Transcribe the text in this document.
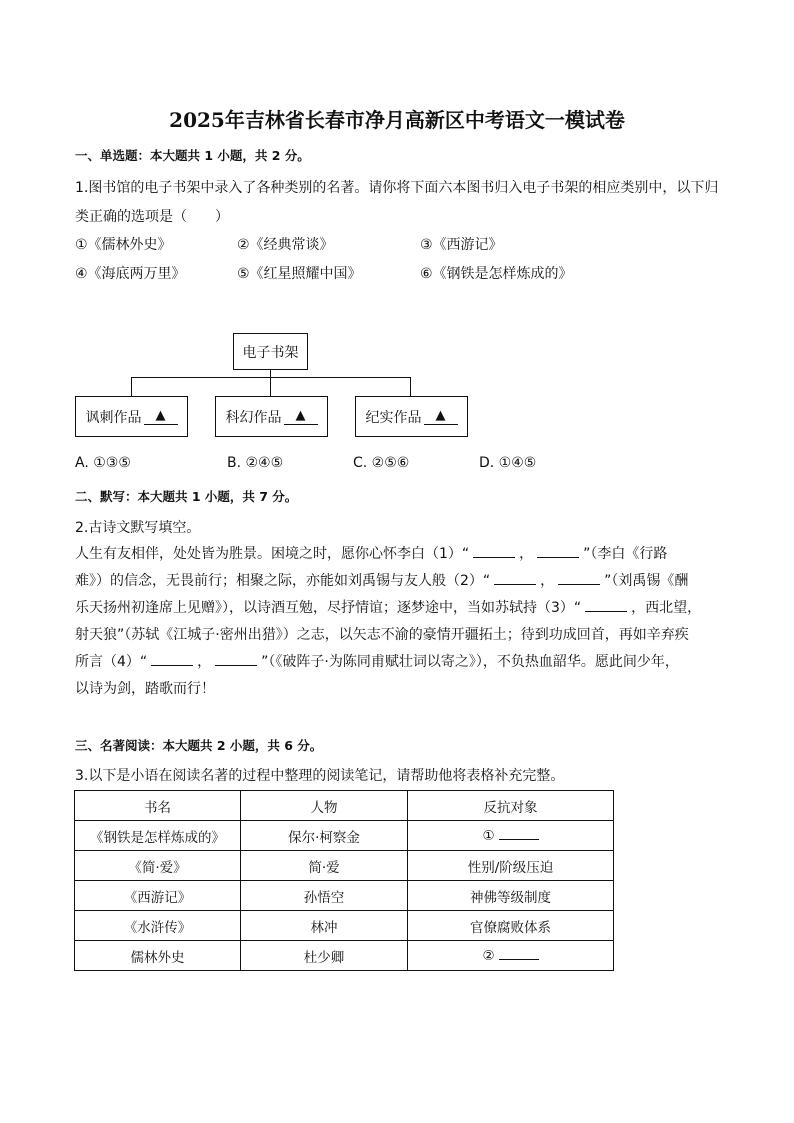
2025年吉林省长春市净月高新区中考语文一模试卷
一、单选题：本大题共 1 小题，共 2 分。
1.图书馆的电子书架中录入了各种类别的名著。请你将下面六本图书归入电子书架的相应类别中，以下归
类正确的选项是（　　）
①《儒林外史》	②《经典常谈》	③《西游记》
④《海底两万里》	⑤《红星照耀中国》	⑥《钢铁是怎样炼成的》
电子书架
讽刺作品	▲	科幻作品	▲	纪实作品	▲
A. ①③⑤	B. ②④⑤	C. ②⑤⑥	D. ①④⑤
二、默写：本大题共 1 小题，共 7 分。
2.古诗文默写填空。
人生有友相伴，处处皆为胜景。困境之时，愿你心怀李白（1）“	，	”（李白《行路
难》）的信念，无畏前行；相聚之际，亦能如刘禹锡与友人般（2）“	，	”（刘禹锡《酬
乐天扬州初逢席上见赠》），以诗酒互勉，尽抒情谊；逐梦途中，当如苏轼持（3）“	，西北望，
射天狼”（苏轼《江城子·密州出猎》）之志，以矢志不渝的豪情开疆拓土；待到功成回首，再如辛弃疾
所言（4）“	，	”（《破阵子·为陈同甫赋壮词以寄之》），不负热血韶华。愿此间少年，
以诗为剑，踏歌而行！
三、名著阅读：本大题共 2 小题，共 6 分。
3.以下是小语在阅读名著的过程中整理的阅读笔记，请帮助他将表格补充完整。
书名	人物	反抗对象
《钢铁是怎样炼成的》	保尔·柯察金	①
《简·爱》	简·爱	性别/阶级压迫
《西游记》	孙悟空	神佛等级制度
《水浒传》	林冲	官僚腐败体系
儒林外史	杜少卿	②
